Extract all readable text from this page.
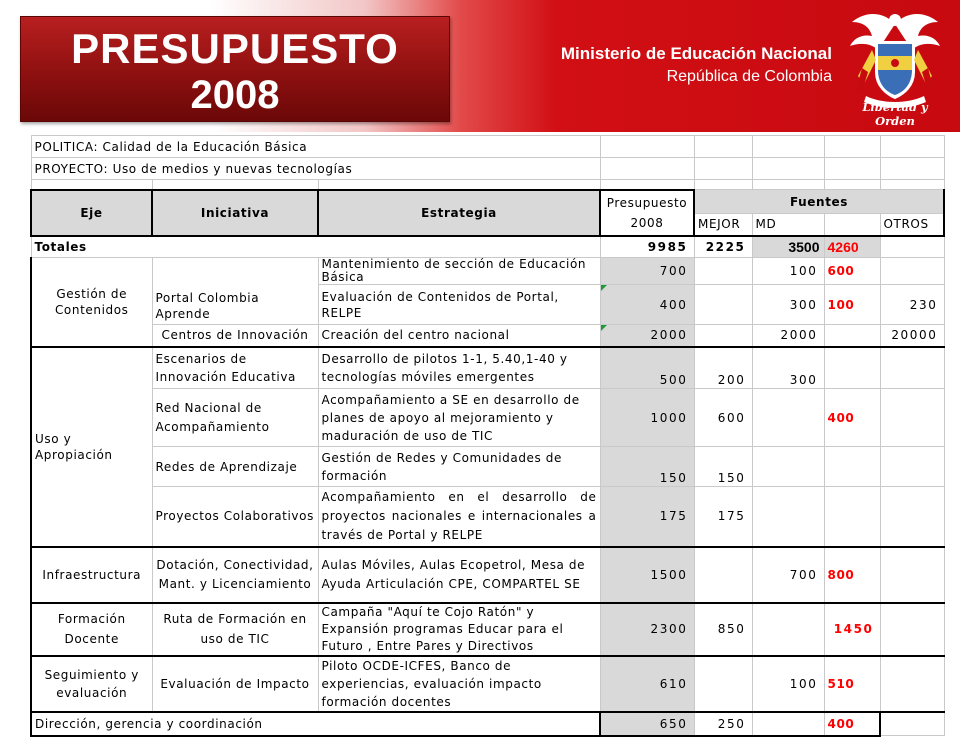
PRESUPUESTO
2008
Ministerio de Educación Nacional
República de Colombia
Libertad y Orden
POLITICA: Calidad de la Educación Básica							
PROYECTO: Uso de medios y nuevas tecnologías							

Eje	Iniciativa	Estrategia	Presupuesto
2008	Fuentes			
				MEJOR	MD		OTROS
Totales			9985	2225	3500	4260	
Gestión de Contenidos	Portal Colombia Aprende	Mantenimiento de sección de Educación Básica	700		100	600	
		Evaluación de Contenidos de Portal, RELPE	400		300	100	230
	Centros de Innovación	Creación del centro nacional	2000		2000		20000
Uso y Apropiación	Escenarios de Innovación Educativa	Desarrollo de pilotos 1-1, 5.40,1-40 y tecnologías móviles emergentes	500	200	300		
	Red Nacional de Acompañamiento	Acompañamiento a SE en desarrollo de planes de apoyo al mejoramiento y maduración de uso de TIC	1000	600		400	
	Redes de Aprendizaje	Gestión de Redes y Comunidades de formación	150	150			
	Proyectos Colaborativos	Acompañamiento en el desarrollo de proyectos nacionales e internacionales a través de Portal y RELPE	175	175			
Infraestructura	Dotación, Conectividad, Mant. y Licenciamiento	Aulas Móviles, Aulas Ecopetrol, Mesa de Ayuda Articulación CPE, COMPARTEL SE	1500		700	800	
Formación Docente	Ruta de Formación en uso de TIC	Campaña "Aquí te Cojo Ratón" y Expansión programas Educar para el Futuro , Entre Pares y Directivos	2300	850		1450	
Seguimiento y evaluación	Evaluación de Impacto	Piloto OCDE-ICFES, Banco de experiencias, evaluación impacto formación docentes	610		100	510	
Dirección, gerencia y coordinación			650	250		400	
